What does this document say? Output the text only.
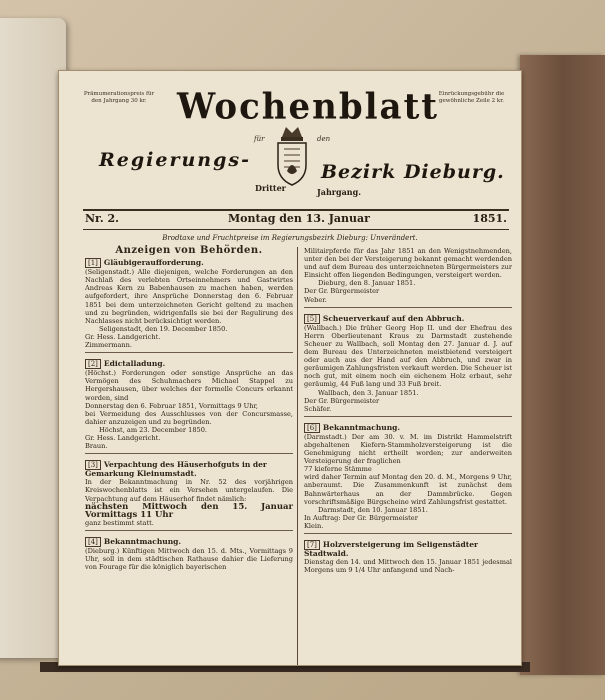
Prämumerationspreis für den Jahrgang 30 kr.
Einrückungsgebühr die gewöhnliche Zeile 2 kr.
Wochenblatt
für	den
Regierungs-
Bezirk Dieburg.
Dritter	Jahrgang.
Nr. 2.	Montag den 13. Januar	1851.
Brodtaxe und Fruchtpreise im Regierungsbezirk Dieburg: Unverändert.
Anzeigen von Behörden.
[1] Gläubigeraufforderung.

(Seligenstadt.) Alle diejenigen, welche Forderungen an den Nachlaß des verlebten Ortseinnehmers und Gastwirtes Andreas Kern zu Babenhausen zu machen haben, werden aufgefordert, ihre Ansprüche Donnerstag den 6. Februar 1851 bei dem unterzeichneten Gericht geltend zu machen und zu begründen, widrigenfalls sie bei der Regulirung des Nachlasses nicht berücksichtigt werden.

Seligenstadt, den 19. December 1850.

Gr. Hess. Landgericht.

Zimmermann.

[2] Edictalladung.

(Höchst.) Forderungen oder sonstige Ansprüche an das Vermögen des Schuhmachers Michael Stappel zu Hergershausen, über welches der formelle Concurs erkannt worden, sind

Donnerstag den 6. Februar 1851, Vormittags 9 Uhr,

bei Vermeidung des Ausschlusses von der Concursmasse, dahier anzuzeigen und zu begründen.

Höchst, am 23. December 1850.

Gr. Hess. Landgericht.

Braun.

[3] Verpachtung des Häuserhofguts in der Gemarkung Kleinumstadt.

In der Bekanntmachung in Nr. 52 des vorjährigen Kreiswochenblatts ist ein Versehen untergelaufen. Die Verpachtung auf dem Häuserhof findet nämlich:

nächsten Mittwoch den 15. Januar Vormittags 11 Uhr

ganz bestimmt statt.

[4] Bekanntmachung.

(Dieburg.) Künftigen Mittwoch den 15. d. Mts., Vormittags 9 Uhr, soll in dem städtischen Rathause dahier die Lieferung von Fourage für die königlich bayerischen

Militairpferde für das Jahr 1851 an den Wenigstnehmenden, unter den bei der Versteigerung bekannt gemacht werdenden und auf dem Bureau des unterzeichneten Bürgermeisters zur Einsicht offen liegenden Bedingungen, versteigert werden.

Dieburg, den 8. Januar 1851.

Der Gr. Bürgermeister

Weber.

[5] Scheuerverkauf auf den Abbruch.

(Wallbach.) Die früher Georg Hop II. und der Ehefrau des Herrn Oberlieutenant Kraus zu Darmstadt zustehende Scheuer zu Wallbach, soll Montag den 27. Januar d. J. auf dem Bureau des Unterzeichneten meistbietend versteigert oder auch aus der Hand auf den Abbruch, und zwar in geräumigen Zahlungsfristen verkauft werden. Die Scheuer ist noch gut, mit einem noch ein eichenem Holz erbaut, sehr geräumig, 44 Fuß lang und 33 Fuß breit.

Wallbach, den 3. Januar 1851.

Der Gr. Bürgermeister

Schäfer.

[6] Bekanntmachung.

(Darmstadt.) Der am 30. v. M. im Distrikt Hammelstrift abgehaltenen Kiefern-Stammholzversteigerung ist die Genehmigung nicht ertheilt worden; zur anderweiten Versteigerung der fraglichen

77 kieferne Stämme

wird daher Termin auf Montag den 20. d. M., Morgens 9 Uhr, anberaumt. Die Zusammenkunft ist zunächst dem Bahnwärterhaus an der Dammbrücke. Gegen vorschriftsmäßige Bürgscheine wird Zahlungsfrist gestattet.

Darmstadt, den 10. Januar 1851.

In Auftrag: Der Gr. Bürgermeister

Klein.

[7] Holzversteigerung im Seligenstädter Stadtwald.

Dienstag den 14. und Mittwoch den 15. Januar 1851 jedesmal Morgens um 9 1/4 Uhr anfangend und Nach-
